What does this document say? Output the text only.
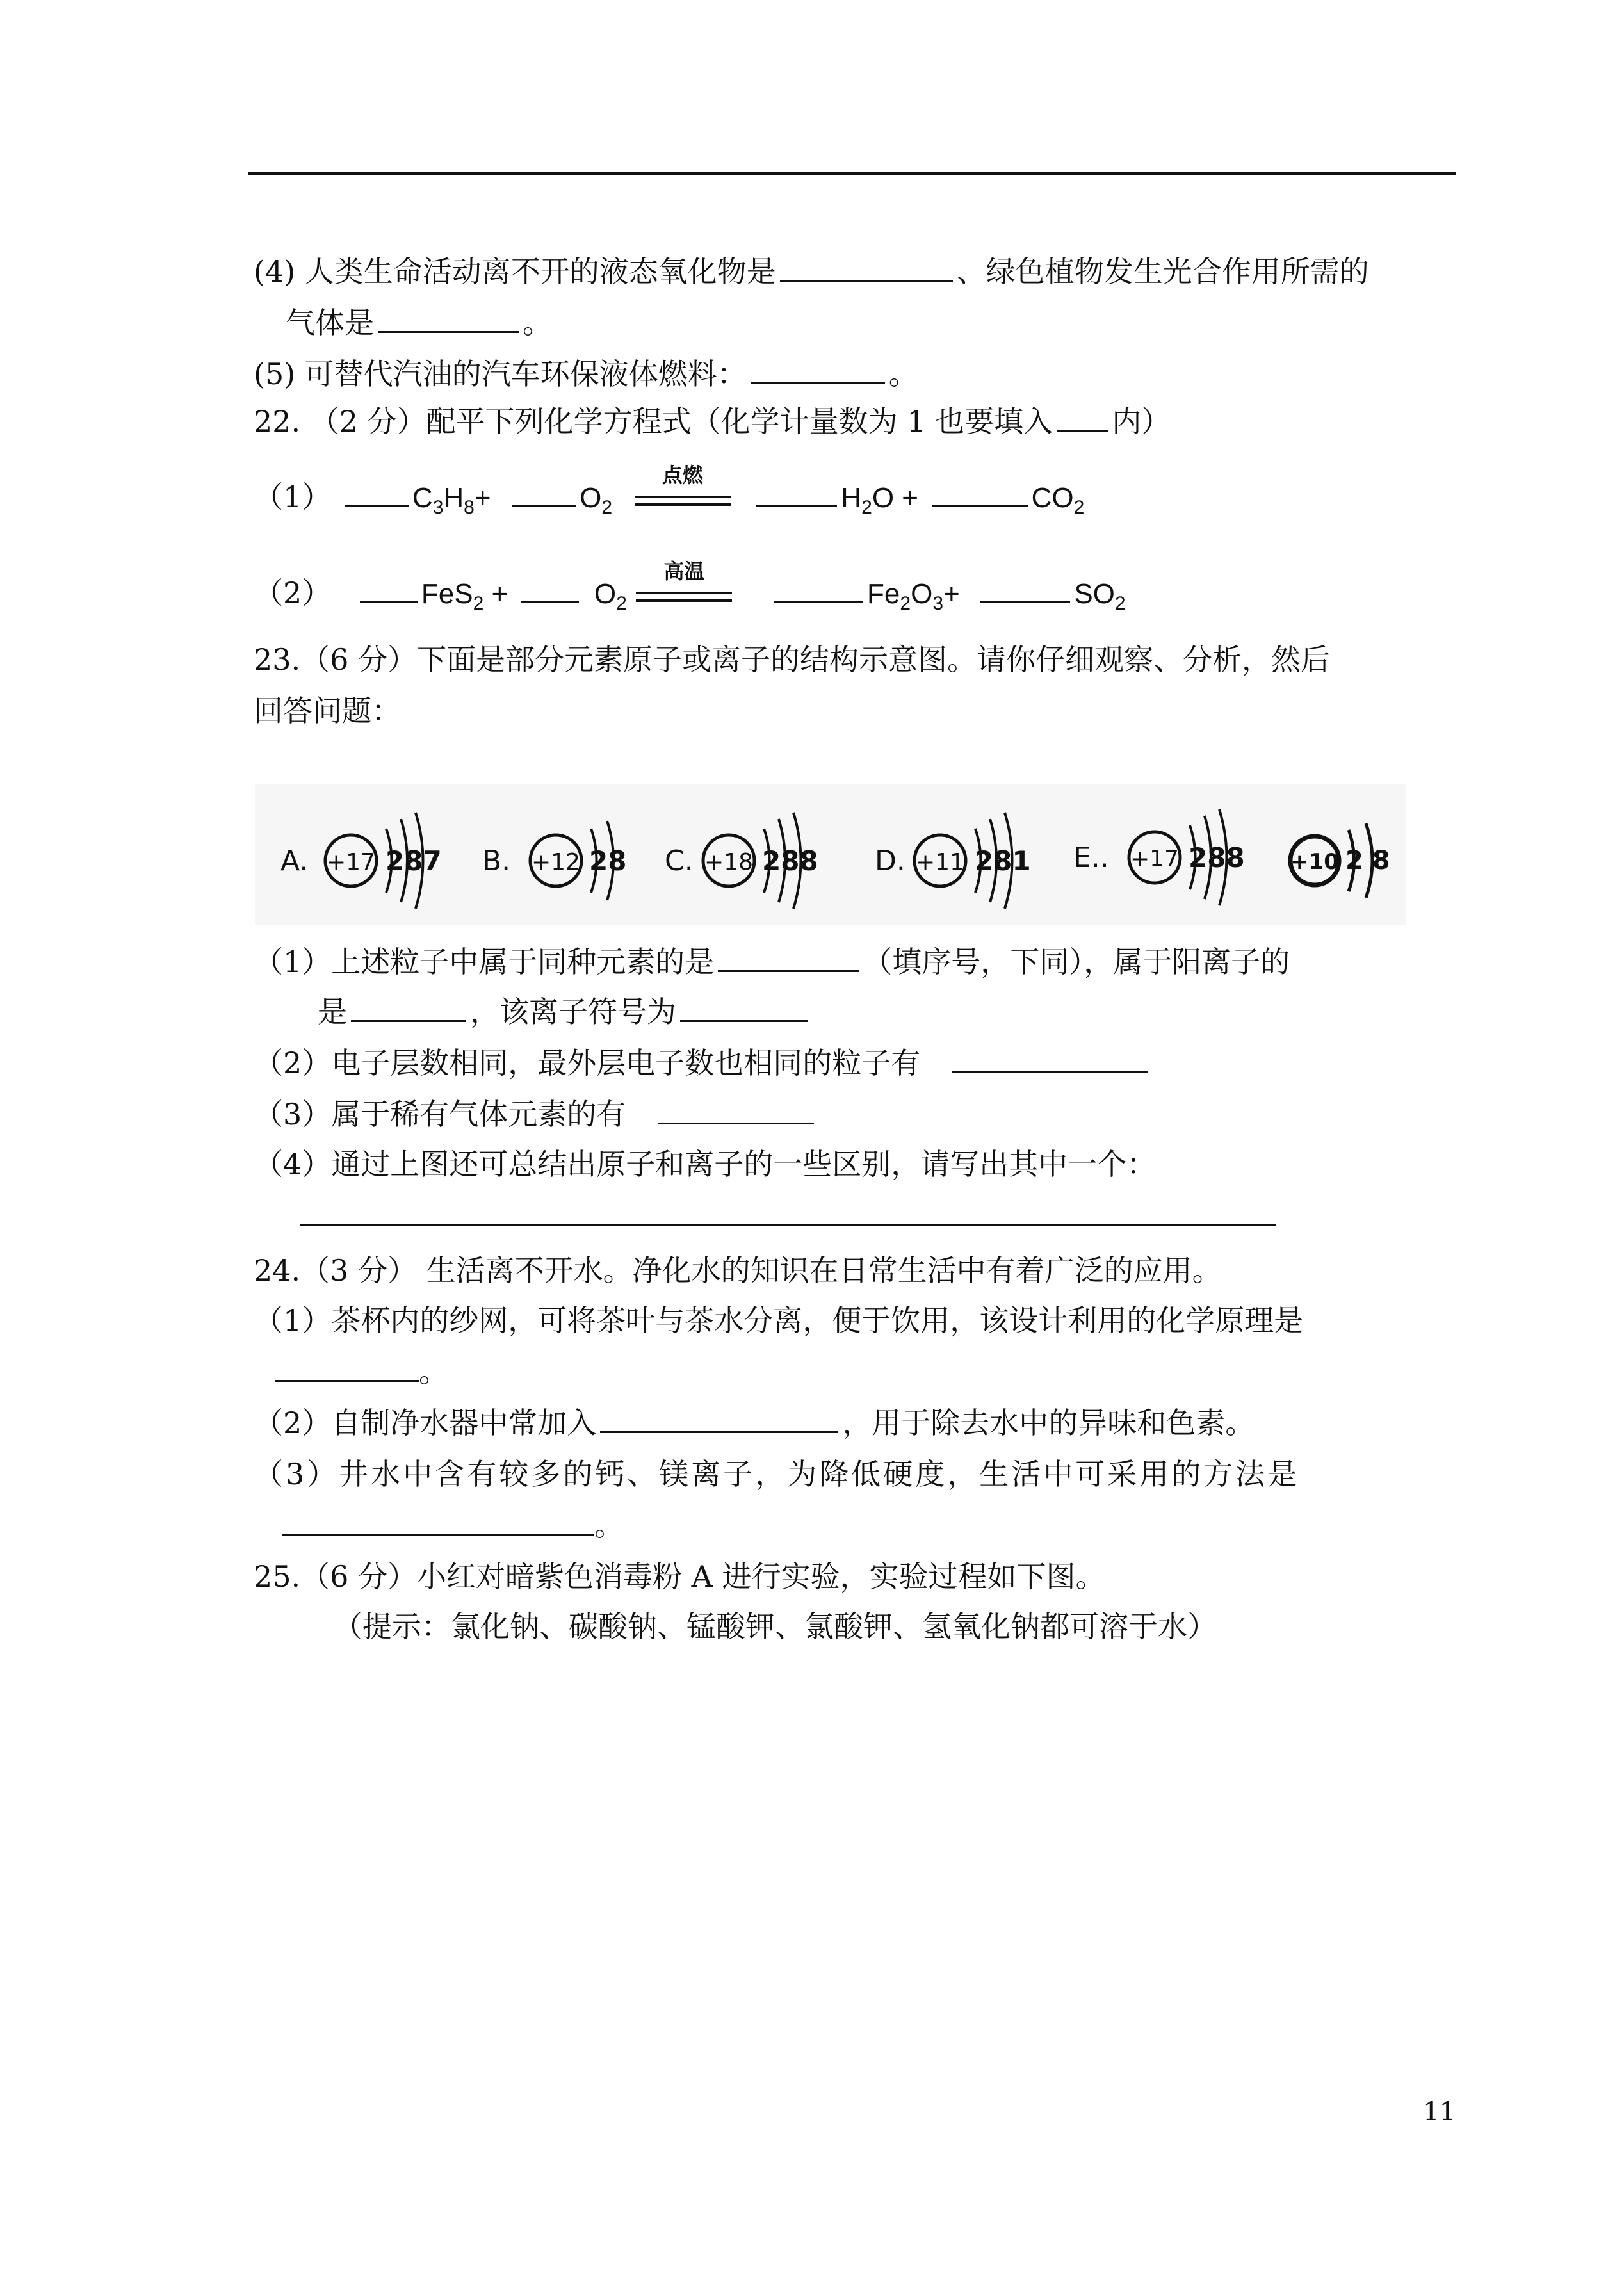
(4) 人类生命活动离不开的液态氧化物是	、绿色植物发生光合作用所需的
气体是	。
(5) 可替代汽油的汽车环保液体燃料：	。
22. （2 分）配平下列化学方程式（化学计量数为 1 也要填入 内）
（1）	$C_3H_8+$	$O_2$
点燃
$H_2O$ +	$CO_2$
（2）	FeS$_2$ +	$O_2$
高温
$Fe_2O_3+$	$SO_2$
23.（6 分）下面是部分元素原子或离子的结构示意图。请你仔细观察、分析，然后
回答问题：
A. +17 287 B. +12 28 C. +18 288 D. +11 281 E.. +17 288 +10 2 8
（1）上述粒子中属于同种元素的是	（填序号，下同），属于阳离子的
是	，该离子符号为
（2）电子层数相同，最外层电子数也相同的粒子有
（3）属于稀有气体元素的有
（4）通过上图还可总结出原子和离子的一些区别，请写出其中一个：
24.（3 分） 生活离不开水。净化水的知识在日常生活中有着广泛的应用。
（1）茶杯内的纱网，可将茶叶与茶水分离，便于饮用，该设计利用的化学原理是
。
（2）自制净水器中常加入	，用于除去水中的异味和色素。
（3）井水中含有较多的钙、镁离子，为降低硬度，生活中可采用的方法是
。
25.（6 分）小红对暗紫色消毒粉 A 进行实验，实验过程如下图。
（提示：氯化钠、碳酸钠、锰酸钾、氯酸钾、氢氧化钠都可溶于水）
11
